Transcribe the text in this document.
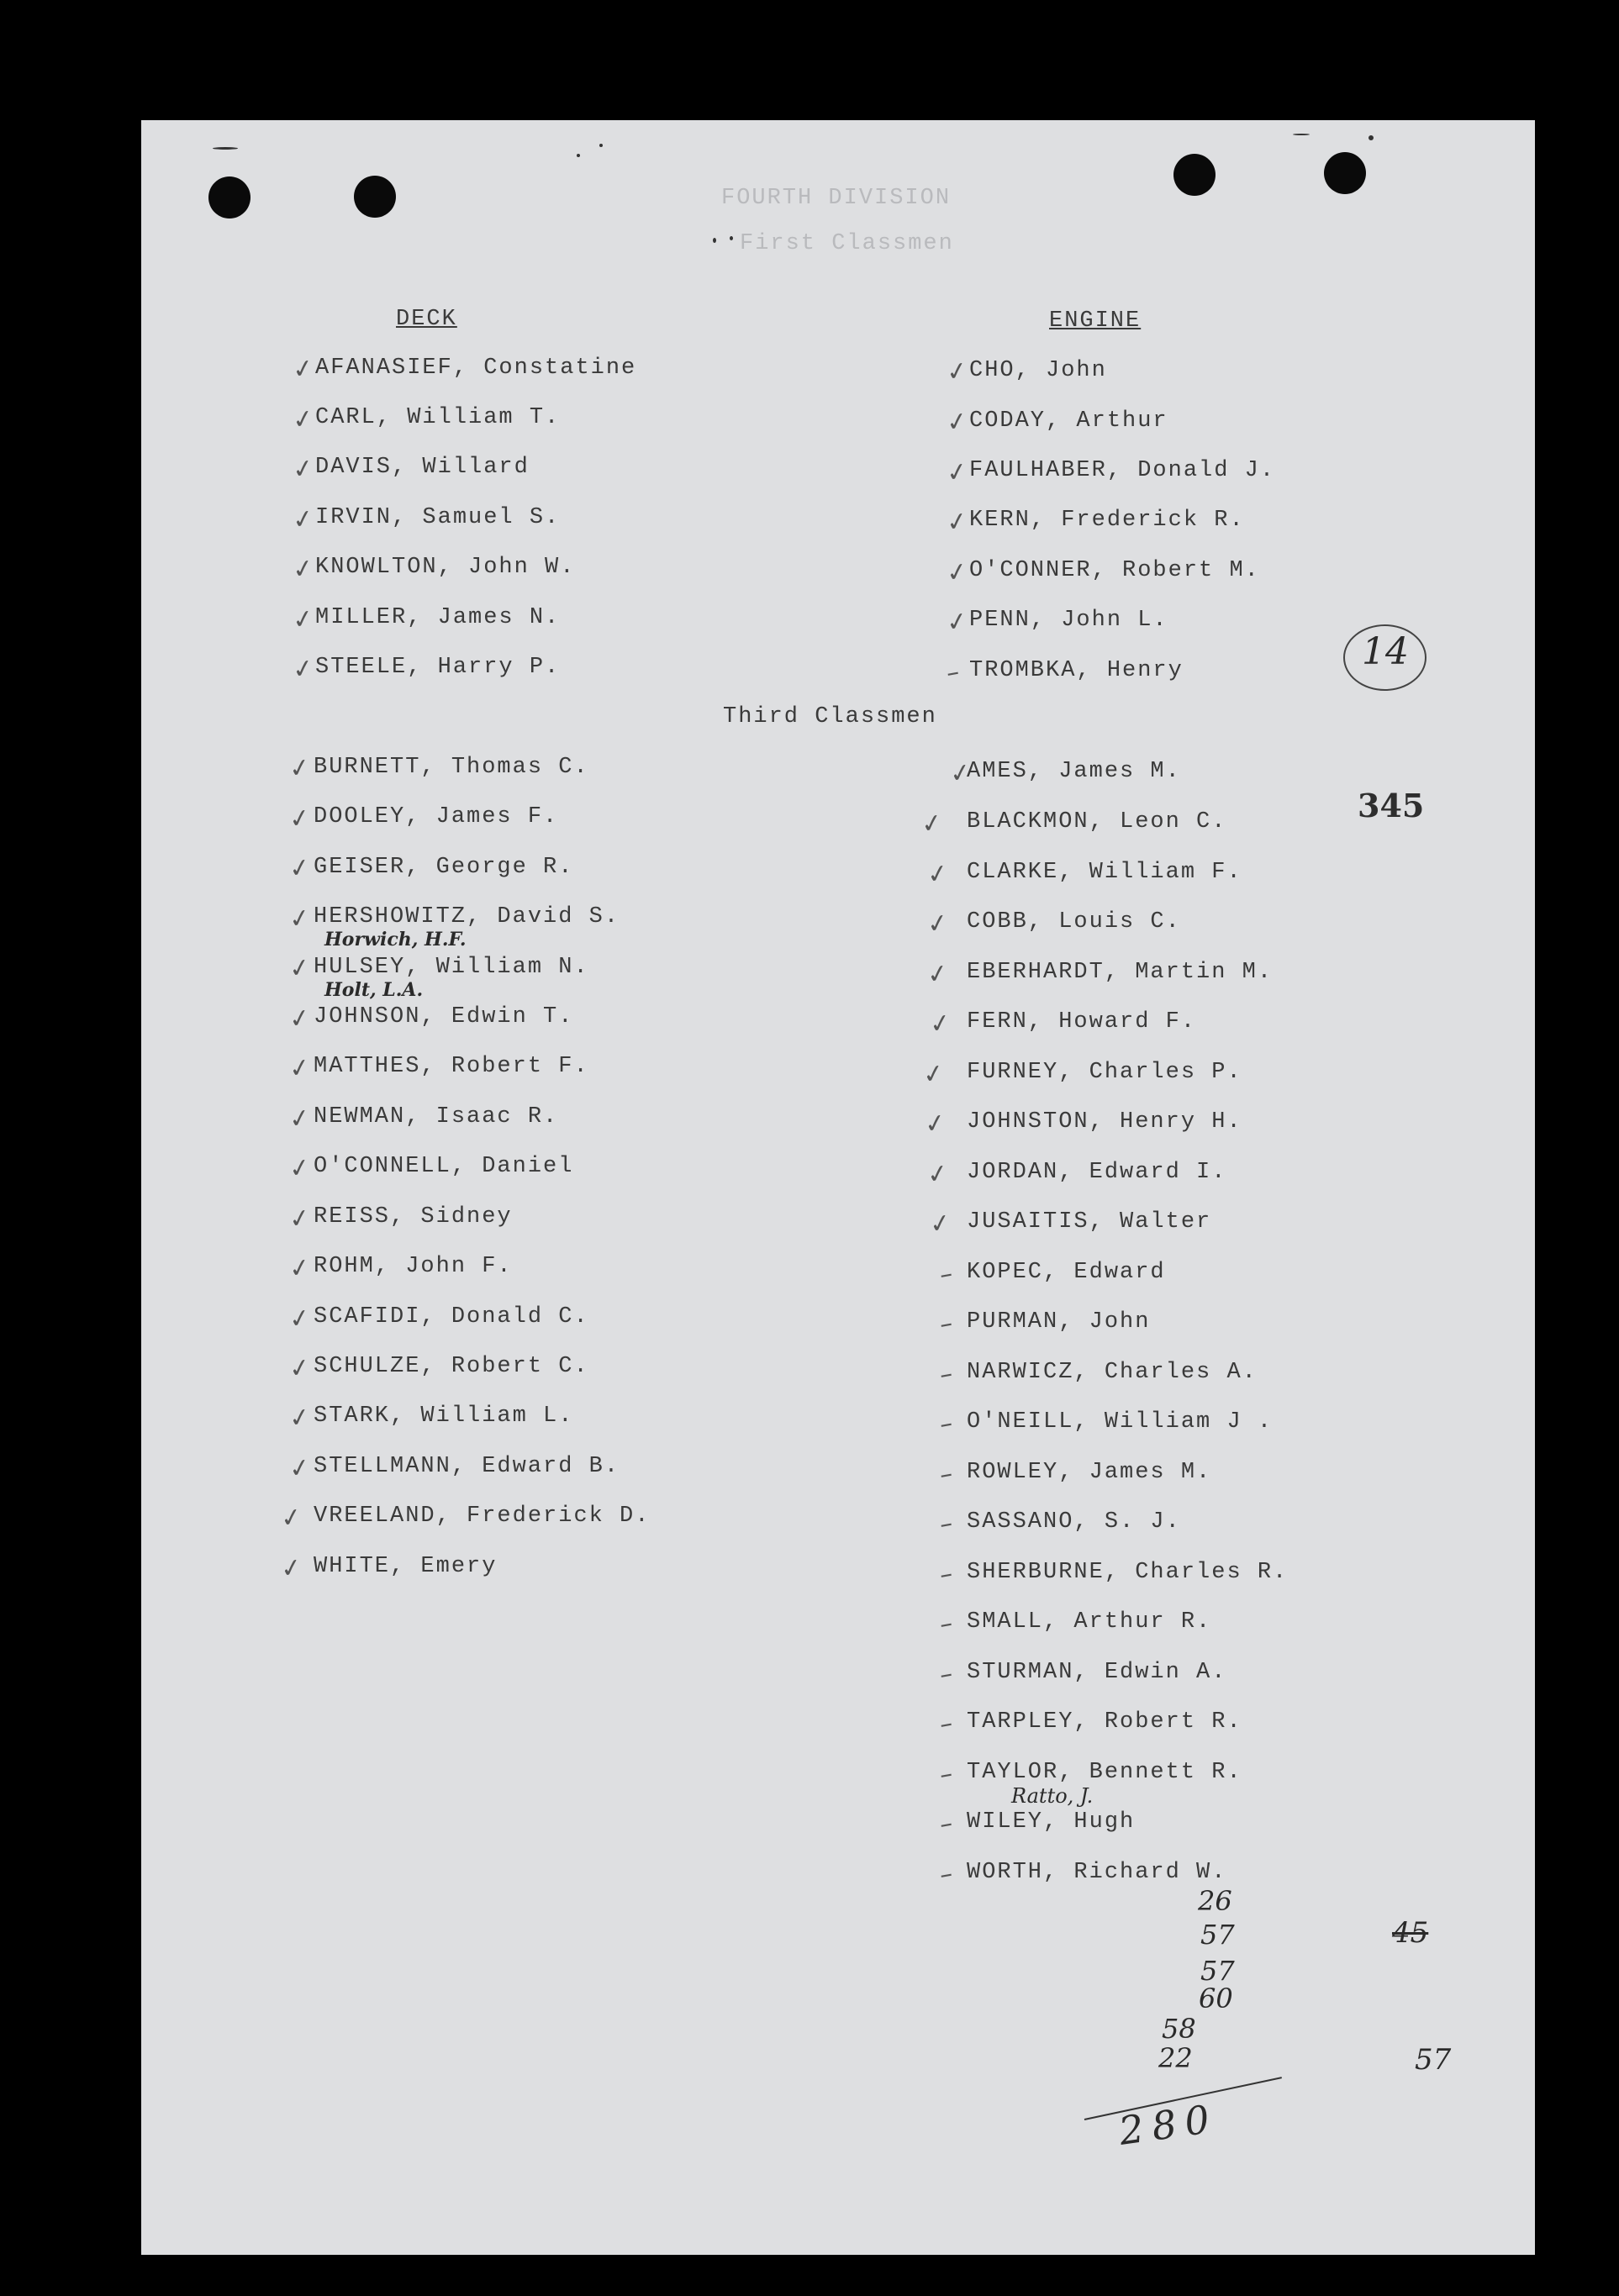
FOURTH DIVISION
First Classmen
DECK	ENGINE
14
Third Classmen
345
✓ AFANASIEF, Constatine
✓ CARL, William T.
✓ DAVIS, Willard
✓ IRVIN, Samuel S.
✓ KNOWLTON, John W.
✓ MILLER, James N.
✓ STEELE, Harry P.
✓ CHO, John
✓ CODAY, Arthur
✓ FAULHABER, Donald J.
✓ KERN, Frederick R.
✓ O'CONNER, Robert M.
✓ PENN, John L.
– TROMBKA, Henry
✓ BURNETT, Thomas C.
✓ DOOLEY, James F.
✓ GEISER, George R.
✓ HERSHOWITZ, David S.
Horwich, H.F.
✓ HULSEY, William N.
Holt, L.A.
✓ JOHNSON, Edwin T.
✓ MATTHES, Robert F.
✓ NEWMAN, Isaac R.
✓ O'CONNELL, Daniel
✓ REISS, Sidney
✓ ROHM, John F.
✓ SCAFIDI, Donald C.
✓ SCHULZE, Robert C.
✓ STARK, William L.
✓ STELLMANN, Edward B.
✓ VREELAND, Frederick D.
✓ WHITE, Emery
✓
AMES, James M.
✓ BLACKMON, Leon C.
✓ CLARKE, William F.
✓ COBB, Louis C.
✓ EBERHARDT, Martin M.
✓ FERN, Howard F.
✓ FURNEY, Charles P.
✓ JOHNSTON, Henry H.
✓ JORDAN, Edward I.
✓ JUSAITIS, Walter
– KOPEC, Edward
– PURMAN, John
– NARWICZ, Charles A.
– O'NEILL, William J .
– ROWLEY, James M.
– SASSANO, S. J.
– SHERBURNE, Charles R.
– SMALL, Arthur R.
– STURMAN, Edwin A.
– TARPLEY, Robert R.
– TAYLOR, Bennett R.
Ratto, J.
– WILEY, Hugh
– WORTH, Richard W.
26
57
57
60
58
22
280
45
57
